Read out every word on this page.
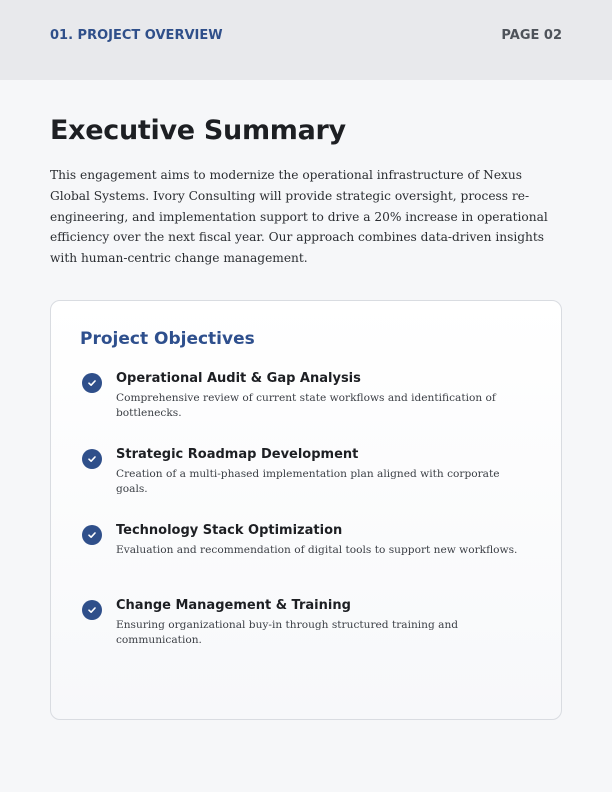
01. PROJECT OVERVIEW	PAGE 02
Executive Summary

This engagement aims to modernize the operational infrastructure of Nexus Global Systems. Ivory Consulting will provide strategic oversight, process re-engineering, and implementation support to drive a 20% increase in operational efficiency over the next fiscal year. Our approach combines data-driven insights with human-centric change management.

Project Objectives
Operational Audit & Gap Analysis
Comprehensive review of current state workflows and identification of bottlenecks.
Strategic Roadmap Development
Creation of a multi-phased implementation plan aligned with corporate goals.
Technology Stack Optimization
Evaluation and recommendation of digital tools to support new workflows.
Change Management & Training
Ensuring organizational buy-in through structured training and communication.
